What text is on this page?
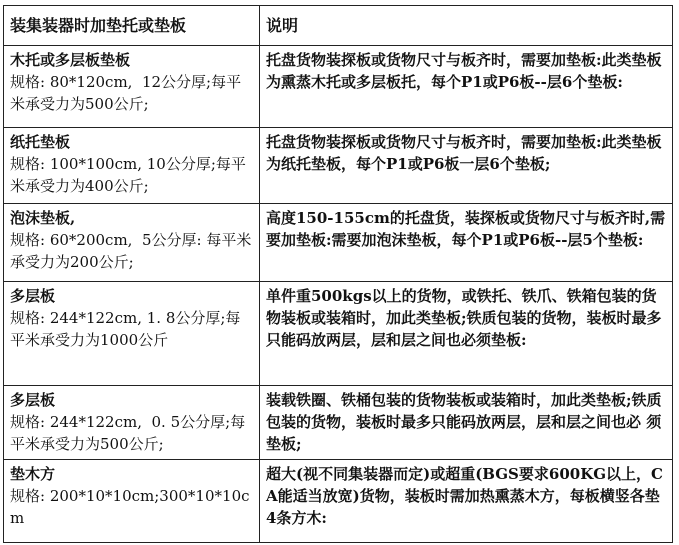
装集装器时加垫托或垫板	说明

木托或多层板垫板
规格: 80*120cm,  12公分厚;每平米承受力为500公斤;	托盘货物装探板或货物尺寸与板齐时，需要加垫板:此类垫板为熏蒸木托或多层板托，每个P1或P6板--层6个垫板:

纸托垫板
规格: 100*100cm, 10公分厚;每平米承受力为400公斤;	托盘货物装探板或货物尺寸与板齐时，需要加垫板:此类垫板为纸托垫板，每个P1或P6板一层6个垫板;

泡沫垫板,
规格: 60*200cm,  5公分厚: 每平米承受力为200公斤;	高度150-155cm的托盘货，装探板或货物尺寸与板齐时,需要加垫板:需要加泡沫垫板，每个P1或P6板--层5个垫板:

多层板
规格: 244*122cm, 1. 8公分厚;每平米承受力为1000公斤	单件重500kgs以上的货物，或铁托、铁爪、铁箱包装的货物装板或装箱时，加此类垫板;铁质包装的货物，装板时最多只能码放两层，层和层之间也必须垫板:

多层板
规格: 244*122cm,  0. 5公分厚;每平米承受力为500公斤;	装载铁圈、铁桶包装的货物装板或装箱时，加此类垫板;铁质包装的货物，装板时最多只能码放两层，层和层之间也必 须垫板;

垫木方
规格: 200*10*10cm;300*10*10cm	超大(视不同集装器而定)或超重(BGS要求600KG以上，CA能适当放宽)货物，装板时需加热熏蒸木方，每板横竖各垫4条方木:
